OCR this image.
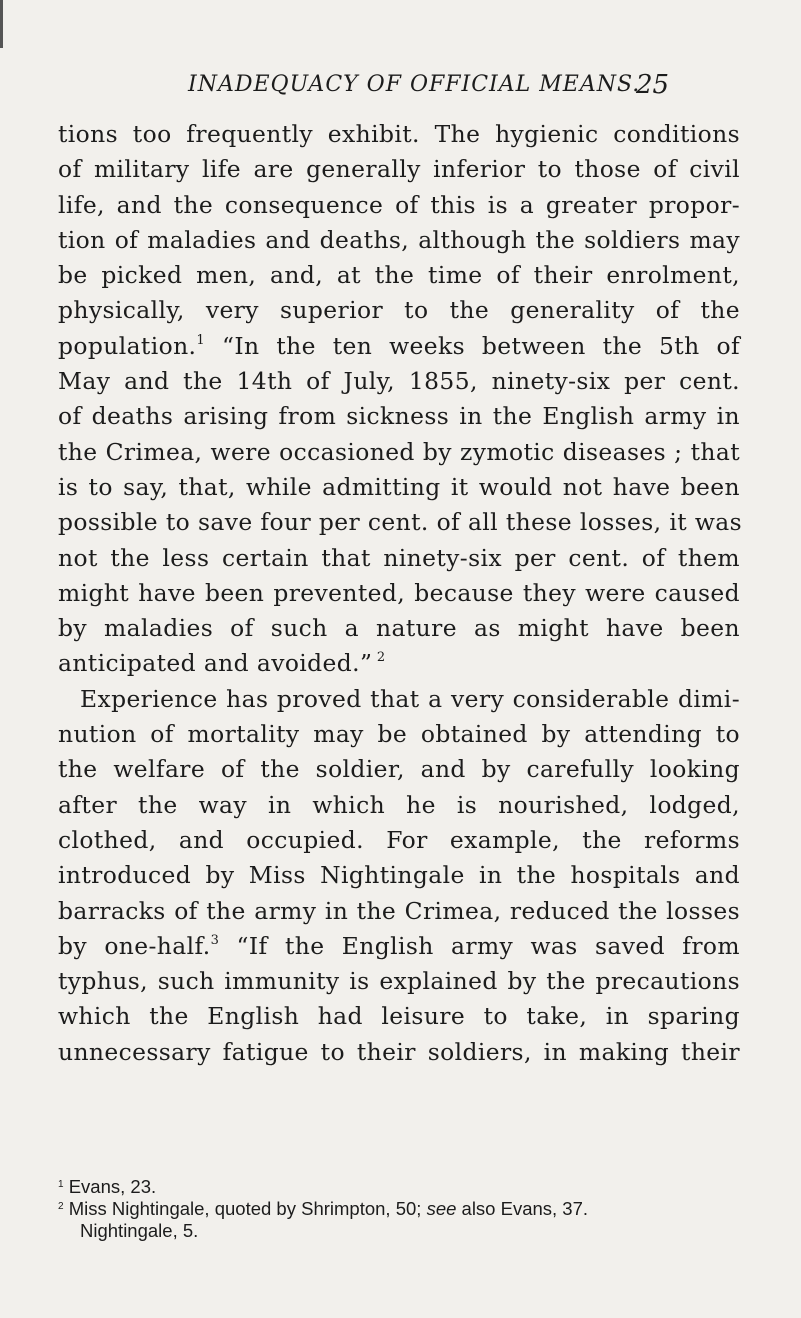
INADEQUACY OF OFFICIAL MEANS.
25
tions too frequently exhibit. The hygienic conditions
of military life are generally inferior to those of civil
life, and the consequence of this is a greater propor-
tion of maladies and deaths, although the soldiers may
be picked men, and, at the time of their enrolment,
physically, very superior to the generality of the
population.$^1$ “In the ten weeks between the 5th of
May and the 14th of July, 1855, ninety-six per cent.
of deaths arising from sickness in the English army in
the Crimea, were occasioned by zymotic diseases ; that
is to say, that, while admitting it would not have been
possible to save four per cent. of all these losses, it was
not the less certain that ninety-six per cent. of them
might have been prevented, because they were caused
by maladies of such a nature as might have been
anticipated and avoided.” $^2$
Experience has proved that a very considerable dimi-
nution of mortality may be obtained by attending to
the welfare of the soldier, and by carefully looking
after the way in which he is nourished, lodged,
clothed, and occupied. For example, the reforms
introduced by Miss Nightingale in the hospitals and
barracks of the army in the Crimea, reduced the losses
by one-half.$^3$ “If the English army was saved from
typhus, such immunity is explained by the precautions
which the English had leisure to take, in sparing
unnecessary fatigue to their soldiers, in making their
$^1$ Evans, 23.
$^2$ Miss Nightingale, quoted by Shrimpton, 50; see also Evans, 37.
Nightingale, 5.
